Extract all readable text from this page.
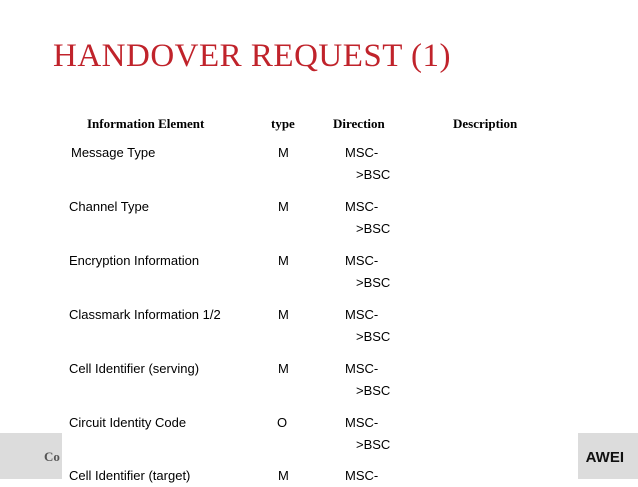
Co	AWEI
HANDOVER REQUEST (1)
Information Element	type	Direction	Description
Message Type	M	MSC-
>BSC
Channel Type	M	MSC-
>BSC
Encryption Information	M	MSC-
>BSC
Classmark Information 1/2	M	MSC-
>BSC
Cell Identifier (serving)	M	MSC-
>BSC
Circuit Identity Code	O	MSC-
>BSC
Cell Identifier (target)	M	MSC-
